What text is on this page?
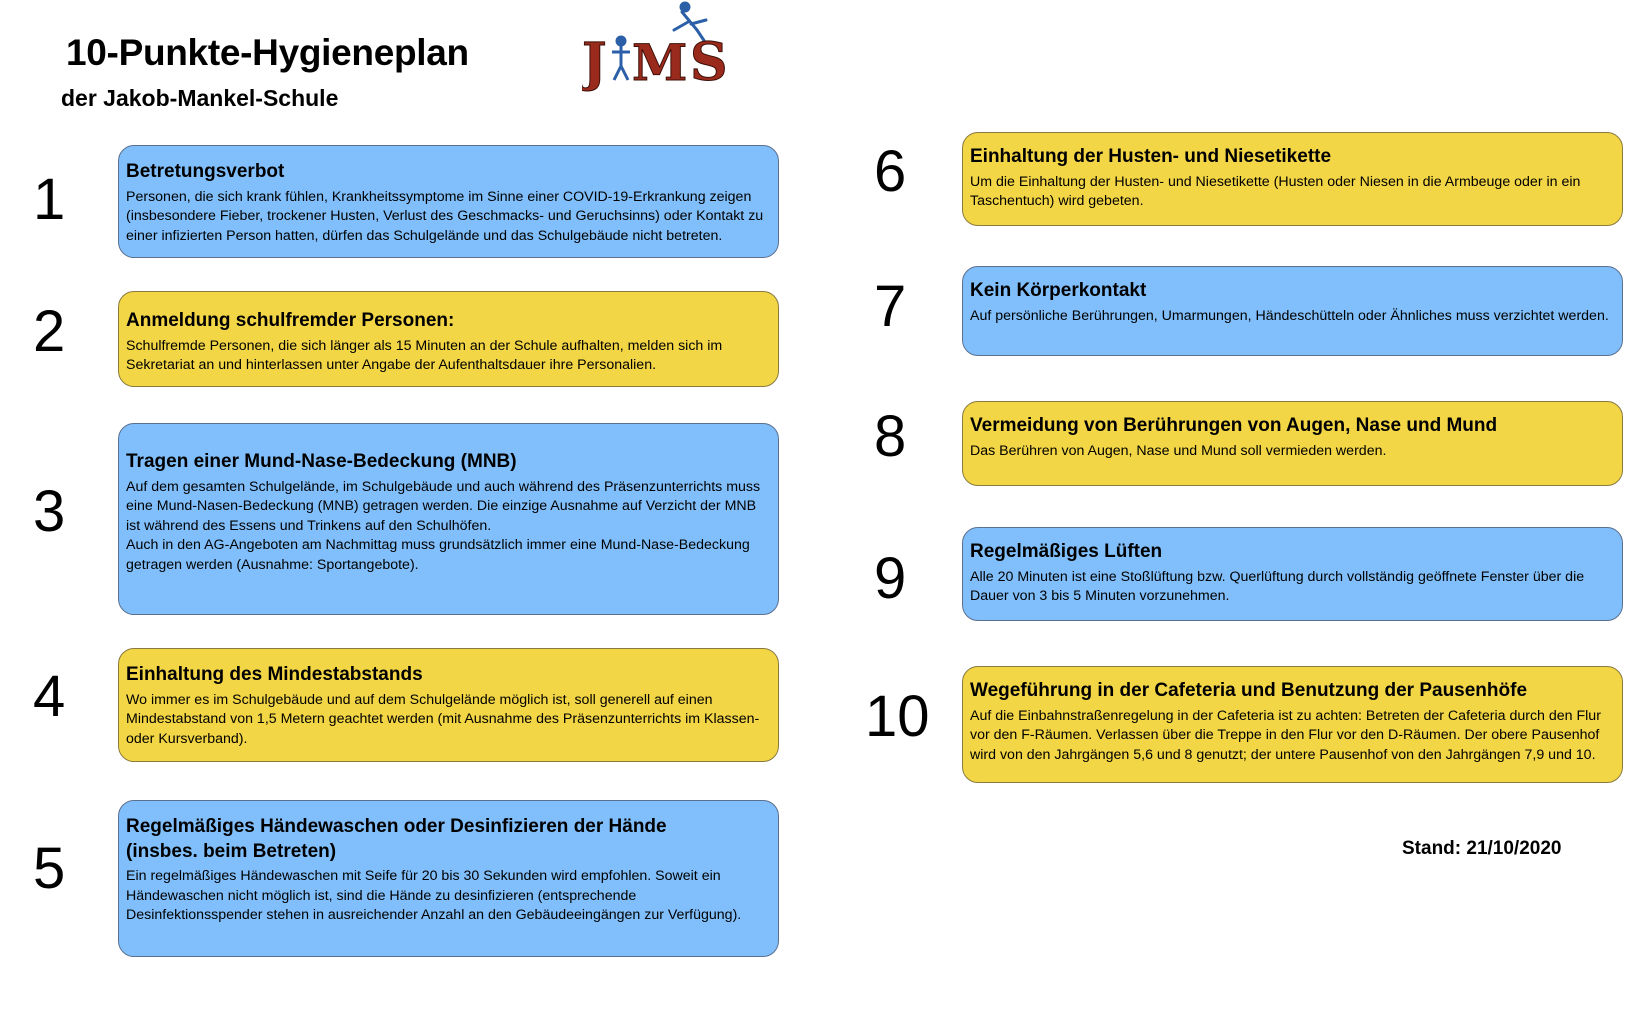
10-Punkte-Hygieneplan
der Jakob-Mankel-Schule
J M S
1
2
3
4
5
6
7
8
9
10
Betretungsverbot

Personen, die sich krank fühlen, Krankheitssymptome im Sinne einer COVID-19-Erkrankung zeigen (insbesondere Fieber, trockener Husten, Verlust des Geschmacks- und Geruchsinns) oder Kontakt zu einer infizierten Person hatten, dürfen das Schulgelände und das Schulgebäude nicht betreten.

Anmeldung schulfremder Personen:

Schulfremde Personen, die sich länger als 15 Minuten an der Schule aufhalten, melden sich im Sekretariat an und hinterlassen unter Angabe der Aufenthaltsdauer ihre Personalien.

Tragen einer Mund-Nase-Bedeckung (MNB)

Auf dem gesamten Schulgelände, im Schulgebäude und auch während des Präsenzunterrichts muss eine Mund-Nasen-Bedeckung (MNB) getragen werden. Die einzige Ausnahme auf Verzicht der MNB ist während des Essens und Trinkens auf den Schulhöfen.

Auch in den AG-Angeboten am Nachmittag muss grundsätzlich immer eine Mund-Nase-Bedeckung getragen werden (Ausnahme: Sportangebote).

Einhaltung des Mindestabstands

Wo immer es im Schulgebäude und auf dem Schulgelände möglich ist, soll generell auf einen Mindestabstand von 1,5 Metern geachtet werden (mit Ausnahme des Präsenzunterrichts im Klassen- oder Kursverband).

Regelmäßiges Händewaschen oder Desinfizieren der Hände (insbes. beim Betreten)

Ein regelmäßiges Händewaschen mit Seife für 20 bis 30 Sekunden wird empfohlen. Soweit ein Händewaschen nicht möglich ist, sind die Hände zu desinfizieren (entsprechende Desinfektionsspender stehen in ausreichender Anzahl an den Gebäudeeingängen zur Verfügung).

Einhaltung der Husten- und Niesetikette

Um die Einhaltung der Husten- und Niesetikette (Husten oder Niesen in die Armbeuge oder in ein Taschentuch) wird gebeten.

Kein Körperkontakt

Auf persönliche Berührungen, Umarmungen, Händeschütteln oder Ähnliches muss verzichtet werden.

Vermeidung von Berührungen von Augen, Nase und Mund

Das Berühren von Augen, Nase und Mund soll vermieden werden.

Regelmäßiges Lüften

Alle 20 Minuten ist eine Stoßlüftung bzw. Querlüftung durch vollständig geöffnete Fenster über die Dauer von 3 bis 5 Minuten vorzunehmen.

Wegeführung in der Cafeteria und Benutzung der Pausenhöfe

Auf die Einbahnstraßenregelung in der Cafeteria ist zu achten: Betreten der Cafeteria durch den Flur vor den F-Räumen. Verlassen über die Treppe in den Flur vor den D-Räumen. Der obere Pausenhof wird von den Jahrgängen 5,6 und 8 genutzt; der untere Pausenhof von den Jahrgängen 7,9 und 10.

Stand: 21/10/2020
